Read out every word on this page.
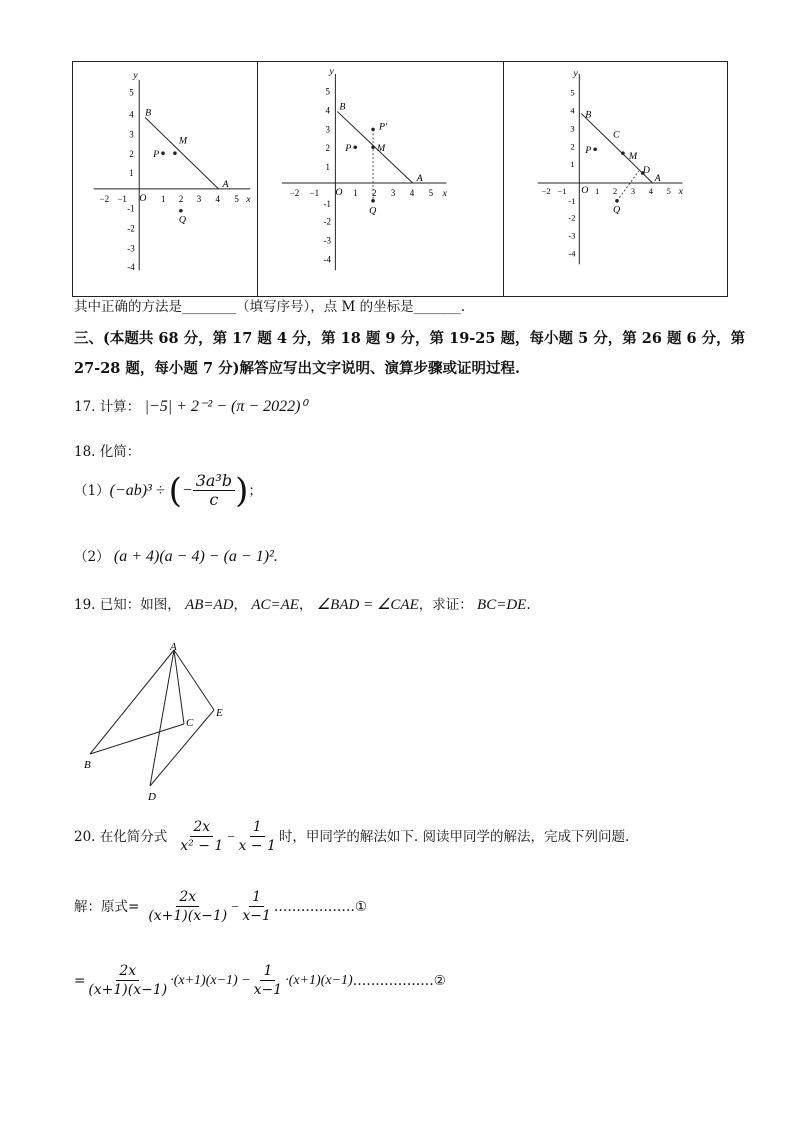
y
x
5
4
3
2
1
-1
-2
-3
-4
−2 −1	1 2 3 4 5
B
M
P
A
Q
O
y
x
5
4
3
2
1
-1
-2
-3
-4
−2 −1	1 2 3 4 5
B
P′
M
P
A
Q
O
y
x
5
4
3
2
1
-1
-2
-3
-4
−2 −1	1 2 3 4 5
B
C
M
P
D
A
Q
O
其中正确的方法是________（填写序号），点 M 的坐标是_______.
三、(本题共 68 分，第 17 题 4 分，第 18 题 9 分，第 19-25 题，每小题 5 分，第 26 题 6 分，第
27-28 题，每小题 7 分)解答应写出文字说明、演算步骤或证明过程.
17. 计算： |−5| + 2⁻² − (π − 2022)⁰
18. 化简：
（1） (−ab)³ ÷ ( − $\frac{\text{3a³b}}{c}$ ) ；
（2） (a + 4)(a − 4) − (a − 1)².
19. 已知：如图， AB=AD， AC=AE， ∠BAD = ∠CAE，求证： BC=DE.
A
B
C
D
E
20. 在化简分式 $\frac{2x}{\text{x² − 1}} - \frac{1}{x - 1}$ 时，甲同学的解法如下. 阅读甲同学的解法，完成下列问题.
解：原式= $\frac{2x}{(x+1)(x-1)} - \frac{1}{x-1}$ ………………①
= $\frac{2x}{(x+1)(x-1)} \cdot(x+1)(x-1) - \frac{1}{x-1} \cdot(x+1)(x-1)$ ………………②
